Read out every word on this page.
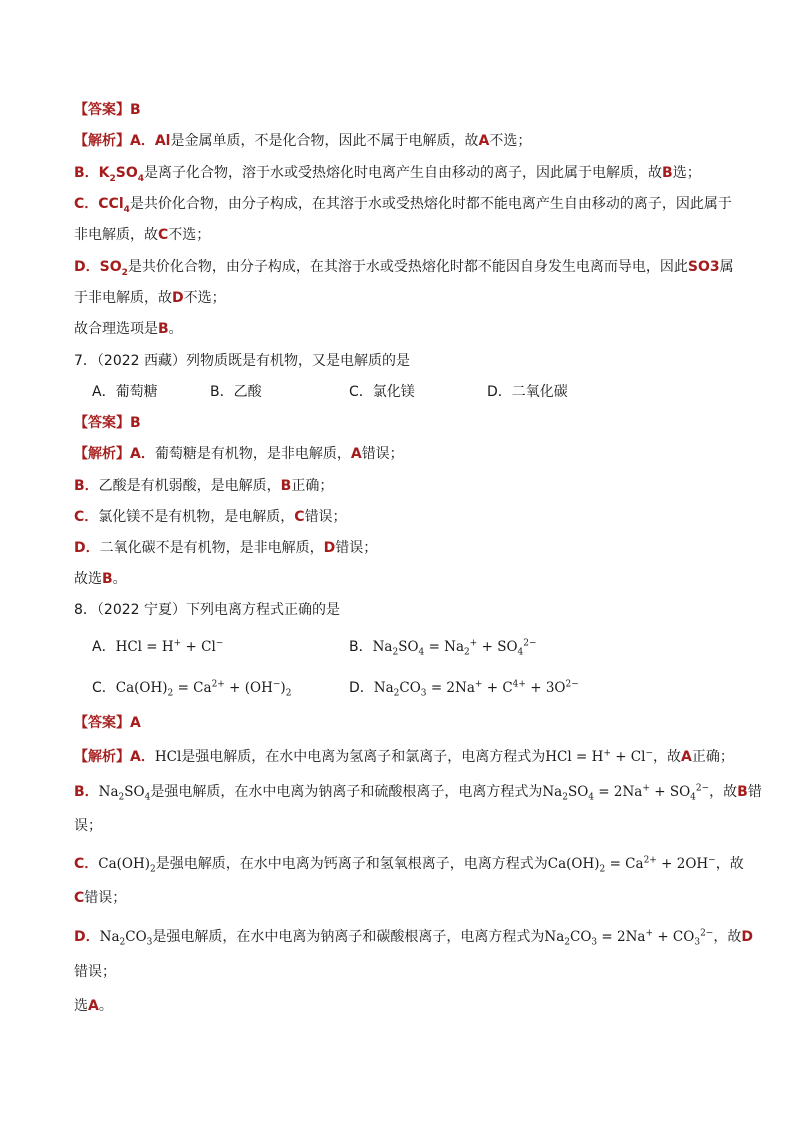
【答案】B
【解析】A．Al是金属单质，不是化合物，因此不属于电解质，故A不选；
B．$K_2SO_4$是离子化合物，溶于水或受热熔化时电离产生自由移动的离子，因此属于电解质，故B选；
C．CCl$_4$是共价化合物，由分子构成，在其溶于水或受热熔化时都不能电离产生自由移动的离子，因此属于
非电解质，故C不选；
D．$SO_2$是共价化合物，由分子构成，在其溶于水或受热熔化时都不能因自身发生电离而导电，因此SO3属
于非电解质，故D不选；
故合理选项是B。
7．（2022 西藏）列物质既是有机物，又是电解质的是
A．葡萄糖	B．乙酸	C．氯化镁	D．二氧化碳
【答案】B
【解析】A．葡萄糖是有机物，是非电解质，A错误；
B．乙酸是有机弱酸，是电解质，B正确；
C．氯化镁不是有机物，是电解质，C错误；
D．二氧化碳不是有机物，是非电解质，D错误；
故选B。
8．（2022 宁夏）下列电离方程式正确的是
A．HCl = H+ + Cl−	B．$Na_2SO_4 = Na_2^+ + SO_4^{2-}$
C．$Ca(OH)_2 = Ca^{2+} + (OH^-)_2$	D．$Na_2CO_3 = 2Na^+ + C^{4+} + 3O^{2-}$
【答案】A
【解析】A．HCl是强电解质，在水中电离为氢离子和氯离子，电离方程式为HCl = H+ + Cl−，故A正确；
B．$Na_2SO_4$是强电解质，在水中电离为钠离子和硫酸根离子，电离方程式为$Na_2SO_4 = 2Na^+ + SO_4^{2-}$，故B错
误；
C．$Ca(OH)_2$是强电解质，在水中电离为钙离子和氢氧根离子，电离方程式为$Ca(OH)_2 = Ca^{2+} + 2OH^-$，故
C错误；
D．$Na_2CO_3$是强电解质，在水中电离为钠离子和碳酸根离子，电离方程式为$Na_2CO_3 = 2Na^+ + CO_3^{2-}$，故D
错误；
选A。
